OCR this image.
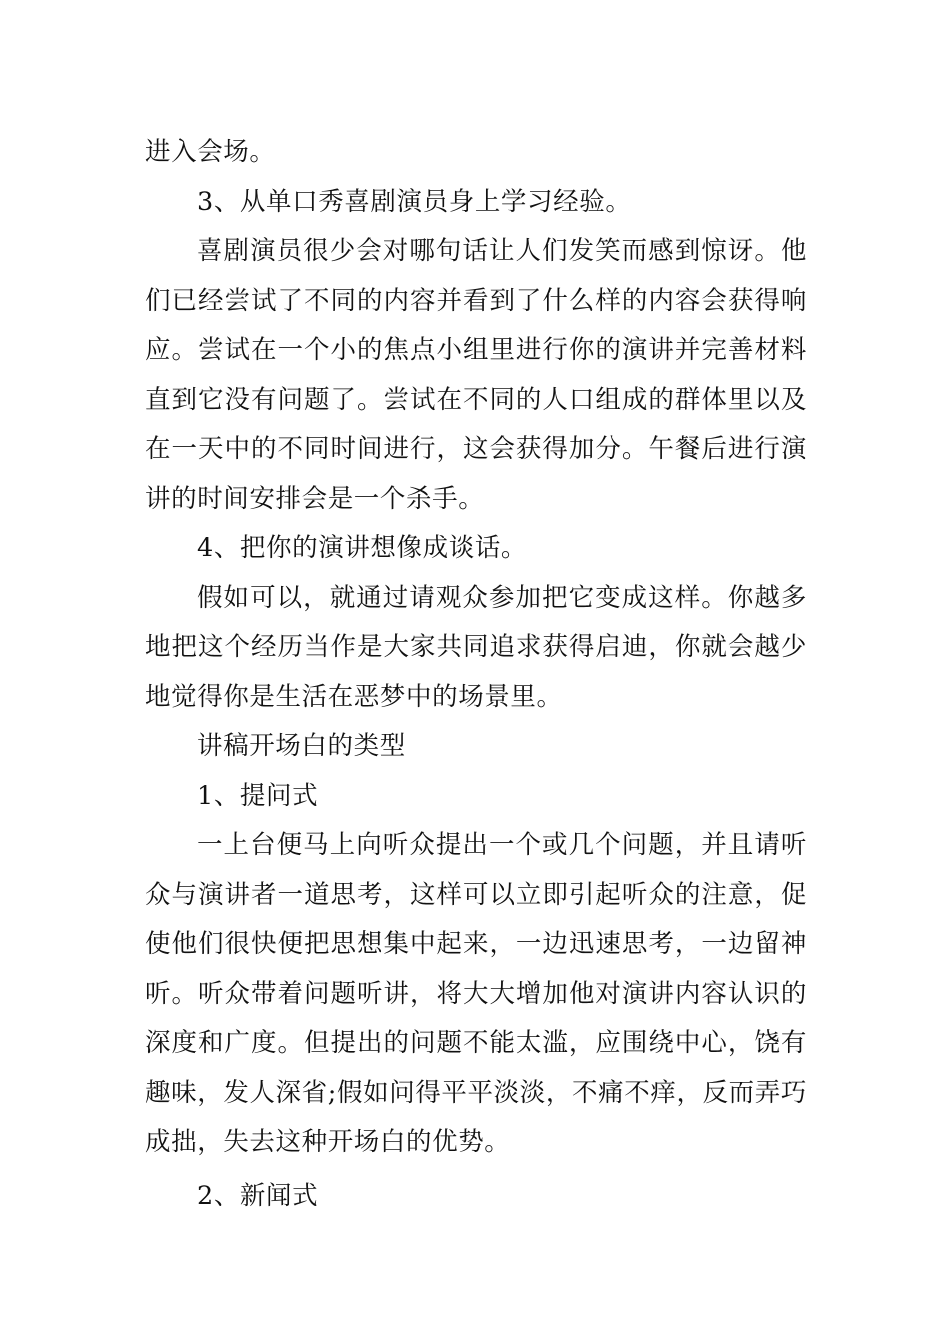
进入会场。

3、从单口秀喜剧演员身上学习经验。

喜剧演员很少会对哪句话让人们发笑而感到惊讶。他们已经尝试了不同的内容并看到了什么样的内容会获得响应。尝试在一个小的焦点小组里进行你的演讲并完善材料直到它没有问题了。尝试在不同的人口组成的群体里以及在一天中的不同时间进行，这会获得加分。午餐后进行演讲的时间安排会是一个杀手。

4、把你的演讲想像成谈话。

假如可以，就通过请观众参加把它变成这样。你越多地把这个经历当作是大家共同追求获得启迪，你就会越少地觉得你是生活在恶梦中的场景里。

讲稿开场白的类型

1、提问式

一上台便马上向听众提出一个或几个问题，并且请听众与演讲者一道思考，这样可以立即引起听众的注意，促使他们很快便把思想集中起来，一边迅速思考，一边留神听。听众带着问题听讲，将大大增加他对演讲内容认识的深度和广度。但提出的问题不能太滥，应围绕中心，饶有趣味，发人深省;假如问得平平淡淡，不痛不痒，反而弄巧成拙，失去这种开场白的优势。

2、新闻式
